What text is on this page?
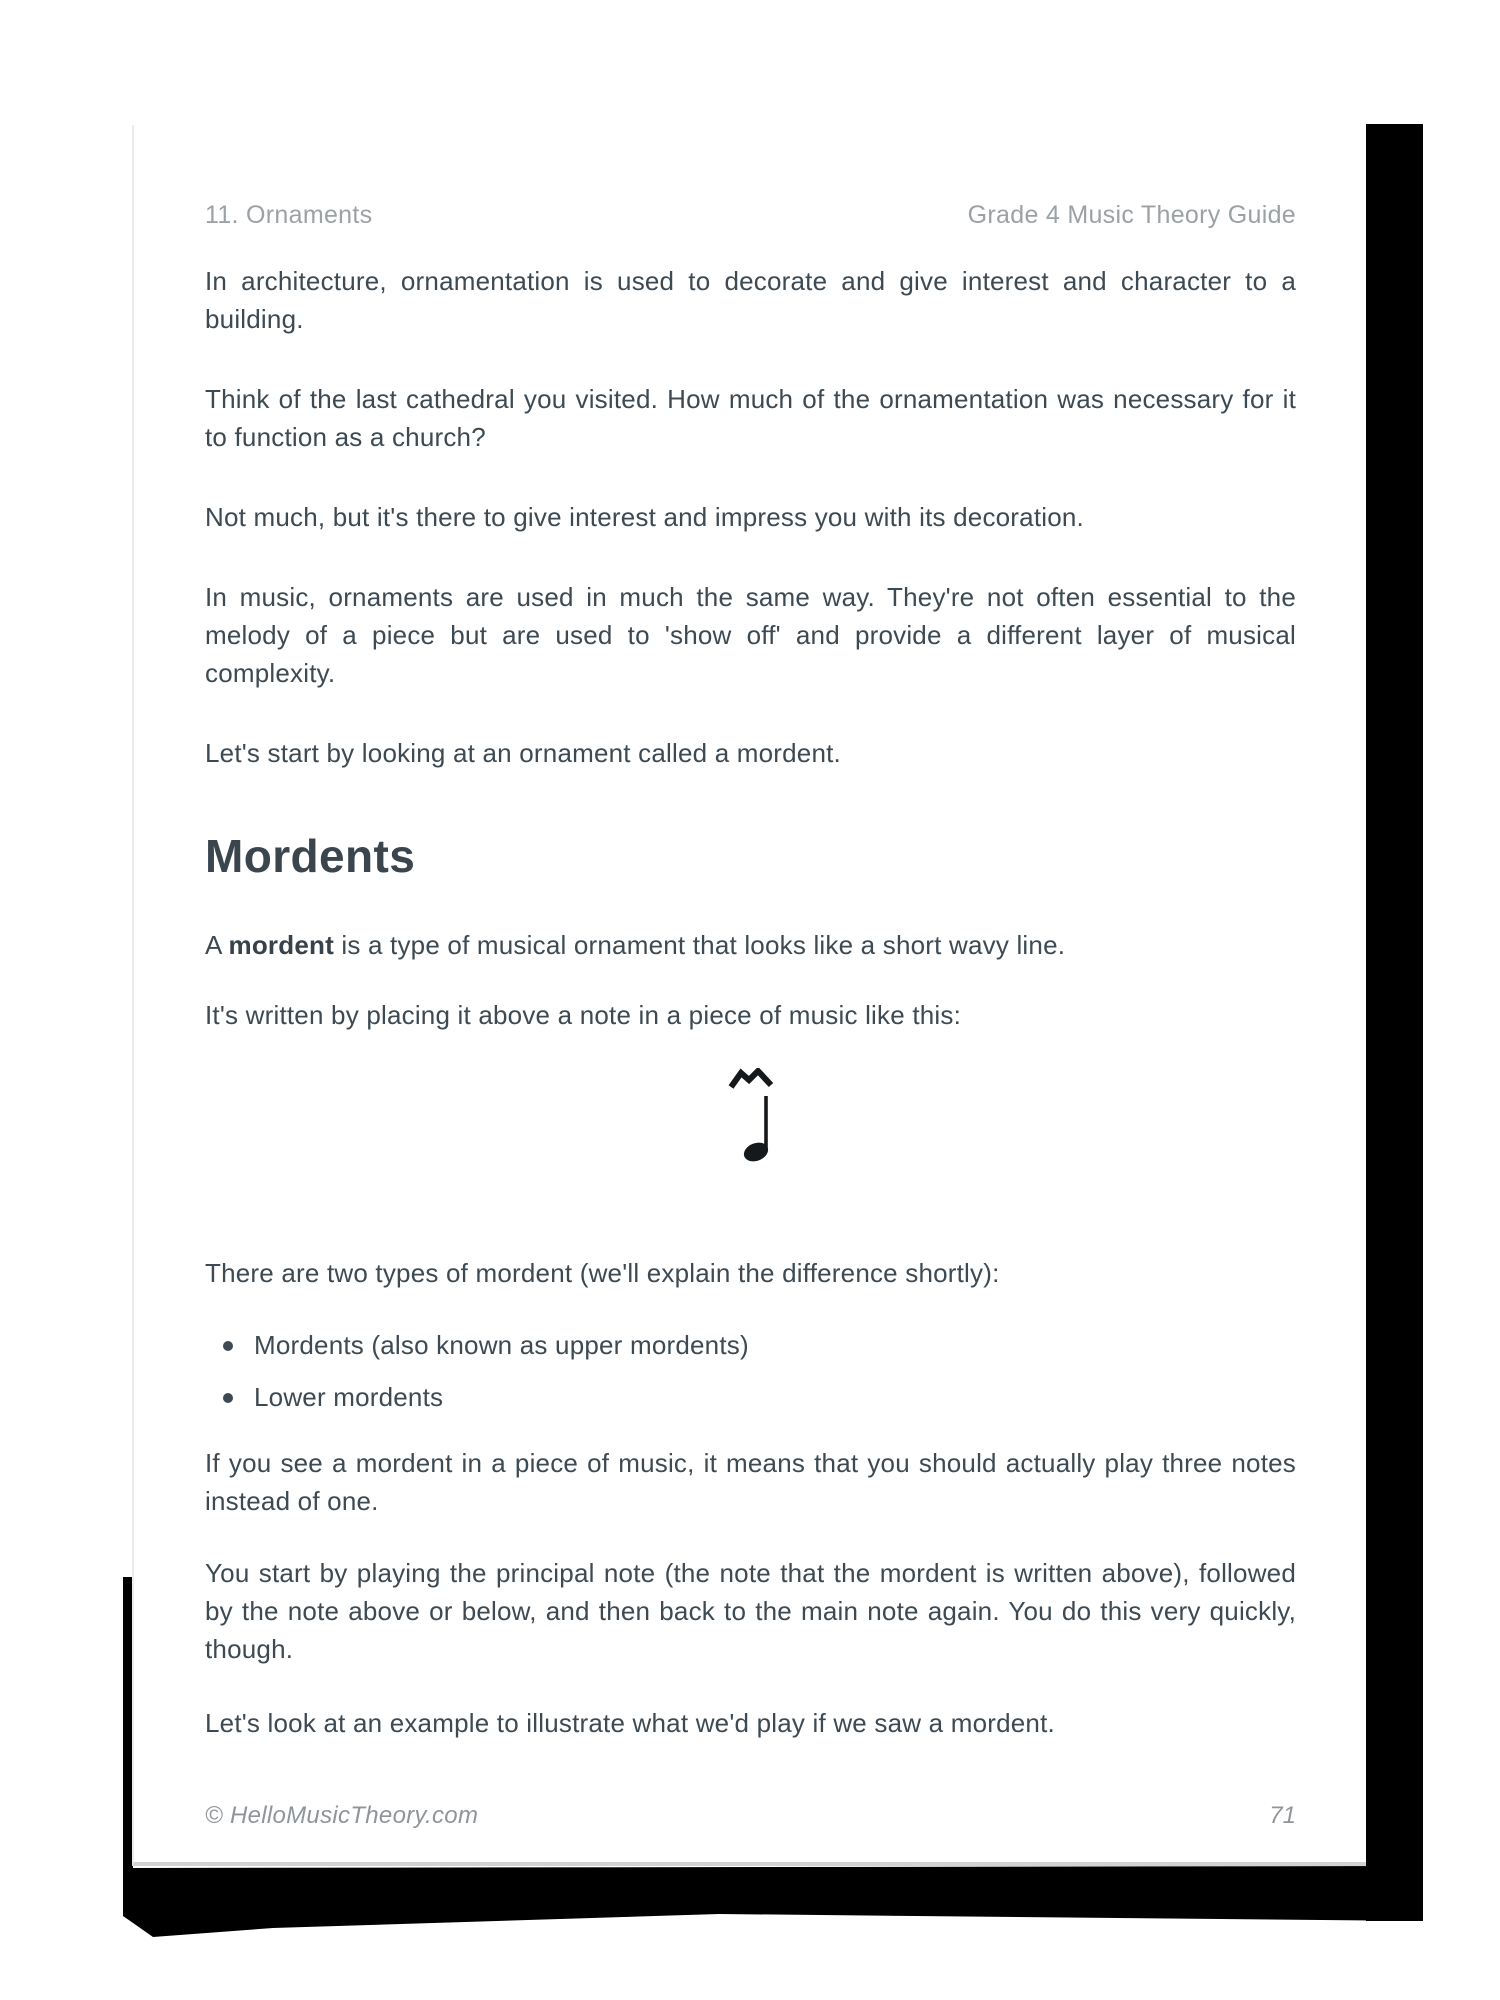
11. Ornaments	Grade 4 Music Theory Guide

In architecture, ornamentation is used to decorate and give interest and character to a building.

Think of the last cathedral you visited. How much of the ornamentation was necessary for it to function as a church?

Not much, but it's there to give interest and impress you with its decoration.

In music, ornaments are used in much the same way. They're not often essential to the melody of a piece but are used to 'show off' and provide a different layer of musical complexity.

Let's start by looking at an ornament called a mordent.

Mordents

A mordent is a type of musical ornament that looks like a short wavy line.

It's written by placing it above a note in a piece of music like this:

There are two types of mordent (we'll explain the difference shortly):

Mordents (also known as upper mordents)
Lower mordents

If you see a mordent in a piece of music, it means that you should actually play three notes instead of one.

You start by playing the principal note (the note that the mordent is written above), followed by the note above or below, and then back to the main note again. You do this very quickly, though.

Let's look at an example to illustrate what we'd play if we saw a mordent.

© HelloMusicTheory.com	71
